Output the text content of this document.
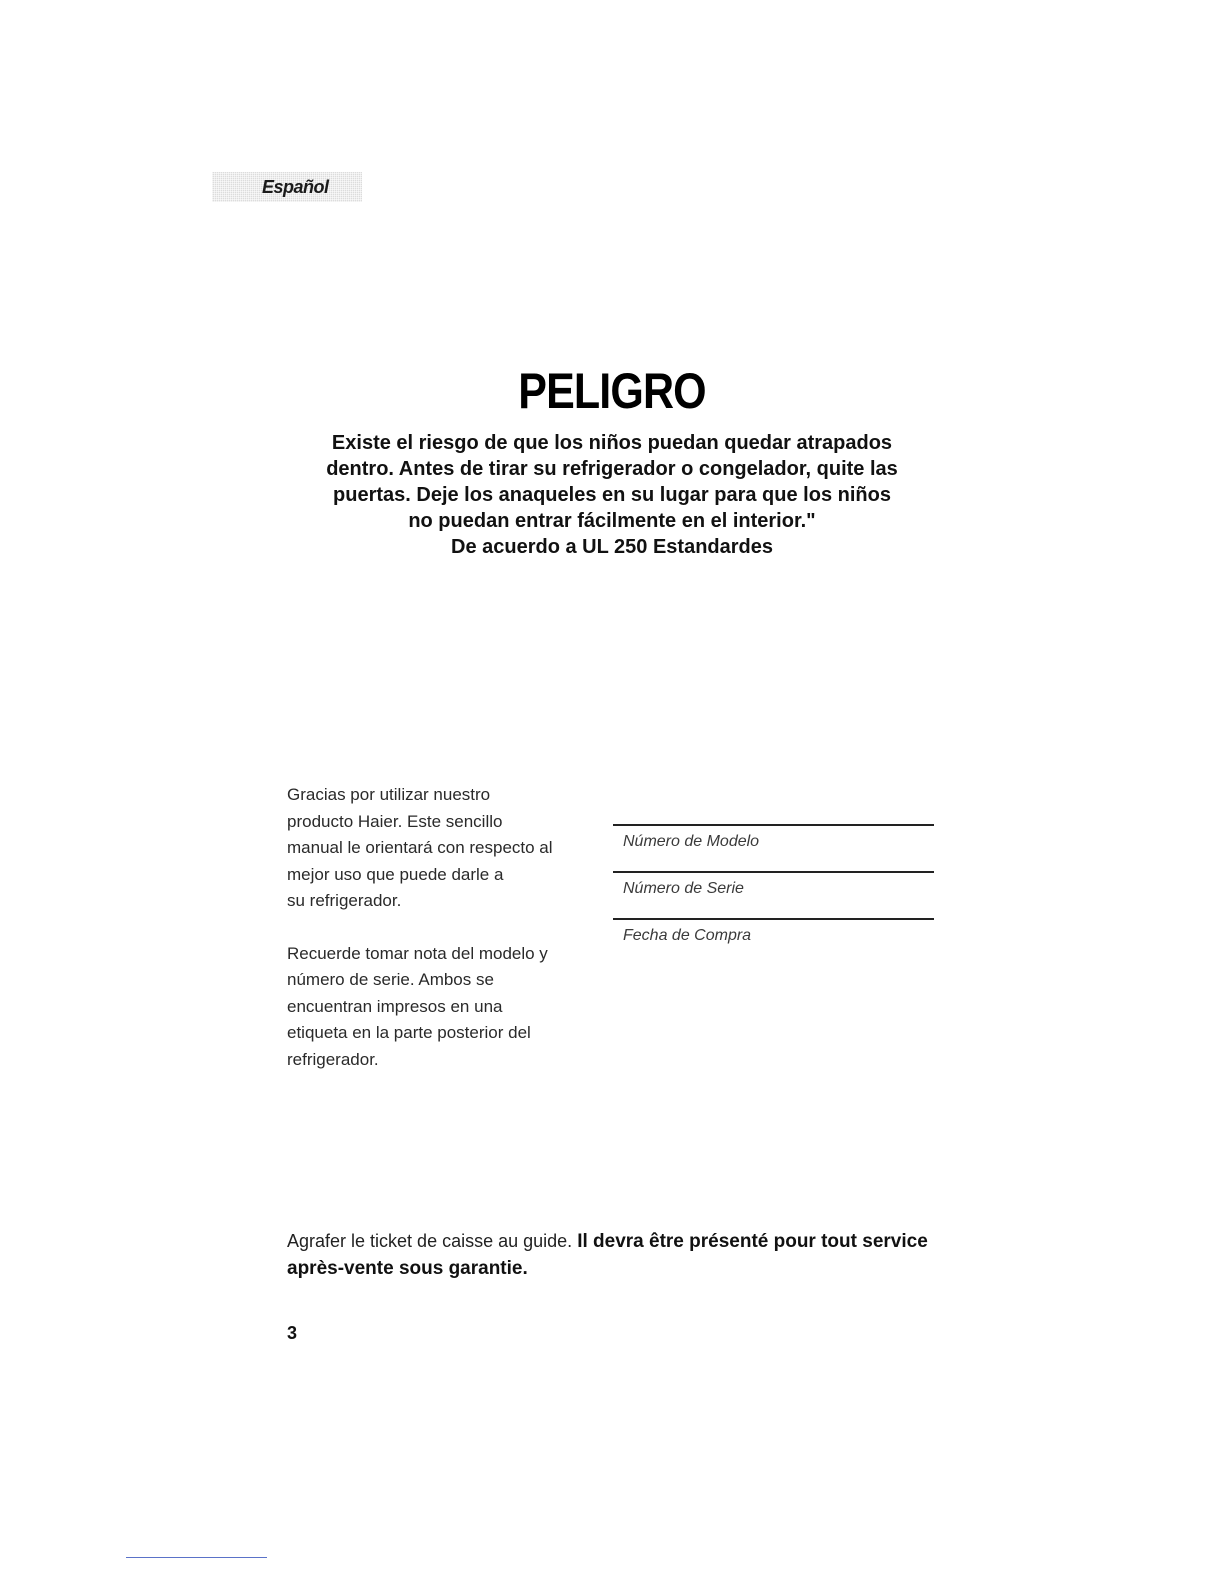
Español
PELIGRO
Existe el riesgo de que los niños puedan quedar atrapados
dentro. Antes de tirar su refrigerador o congelador, quite las
puertas. Deje los anaqueles en su lugar para que los niños
no puedan entrar fácilmente en el interior."
De acuerdo a UL 250 Estandardes

Gracias por utilizar nuestro
producto Haier. Este sencillo
manual le orientará con respecto al
mejor uso que puede darle a
su refrigerador.

Recuerde tomar nota del modelo y
número de serie. Ambos se
encuentran impresos en una
etiqueta en la parte posterior del
refrigerador.

Número de Modelo
Número de Serie
Fecha de Compra
Agrafer le ticket de caisse au guide. Il devra être présenté pour tout service après-vente sous garantie.
3
